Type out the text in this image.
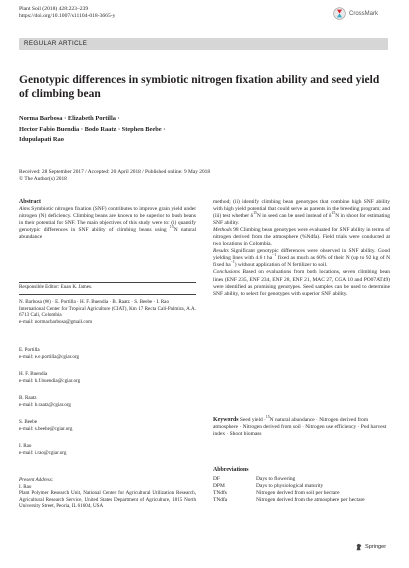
Plant Soil (2018) 428:223–239
https://doi.org/10.1007/s11104-018-3665-y	CrossMark
REGULAR ARTICLE
Genotypic differences in symbiotic nitrogen fixation ability and seed yield of climbing bean
Norma Barbosa · Elizabeth Portilla ·
Hector Fabio Buendia · Bodo Raatz · Stephen Beebe ·
Idupulapati Rao
Received: 28 September 2017 / Accepted: 20 April 2018 / Published online: 9 May 2018
© The Author(s) 2018

Abstract
Aims Symbiotic nitrogen fixation (SNF) contributes to improve grain yield under nitrogen (N) deficiency. Climbing beans are known to be superior to bush beans in their potential for SNF. The main objectives of this study were to: (i) quantify genotypic differences in SNF ability of climbing beans using $^{15}$N natural abundance

Responsible Editor: Euan K. James.
N. Barbosa (✉) · E. Portilla · H. F. Buendia · B. Raatz · S. Beebe · I. Rao
International Center for Tropical Agriculture (CIAT), Km 17 Recta Cali-Palmira, A.A. 6713 Cali, Colombia
e-mail: normacbarbosa@gmail.com
E. Portilla
e-mail: e.e.portilla@cgiar.org
H. F. Buendia
e-mail: h.f.buendia@cgiar.org
B. Raatz
e-mail: b.raatz@cgiar.org
S. Beebe
e-mail: s.beebe@cgiar.org
I. Rao
e-mail: i.rao@cgiar.org
Present Address:
I. Rao
Plant Polymer Research Unit, National Center for Agricultural Utilization Research, Agricultural Research Service, United States Department of Agriculture, 1815 North University Street, Peoria, IL 61604, USA

method; (ii) identify climbing bean genotypes that combine high SNF ability with high yield potential that could serve as parents in the breeding program; and (iii) test whether $\delta^{15}N$ in seed can be used instead of $\delta^{15}N$ in shoot for estimating SNF ability.

Methods 98 Climbing bean genotypes were evaluated for SNF ability in terms of nitrogen derived from the atmosphere (%Ndfa). Field trials were conducted at two locations in Colombia.

Results Significant genotypic differences were observed in SNF ability. Good yielding lines with 4.6 t $ha^{-1}$ fixed as much as 60% of their N (up to 92 kg of N fixed $ha^{-1}$) without application of N fertilizer to soil.

Conclusions Based on evaluations from both locations, seven climbing bean lines (ENF 235, ENF 234, ENF 28, ENF 21, MAC 27, CGA 10 and PO07AT49) were identified as promising genotypes. Seed samples can be used to determine SNF ability, to select for genotypes with superior SNF ability.

Keywords Seed yield ·$^{15}$N natural abundance · Nitrogen derived from atmosphere · Nitrogen derived from soil · Nitrogen use efficiency · Pod harvest index · Shoot biomass
Abbreviations
DF	Days to flowering
DPM	Days to physiological maturity
TNdfs	Nitrogen derived from soil per hectare
TNdfa	Nitrogen derived from the atmosphere per hectare
Springer
